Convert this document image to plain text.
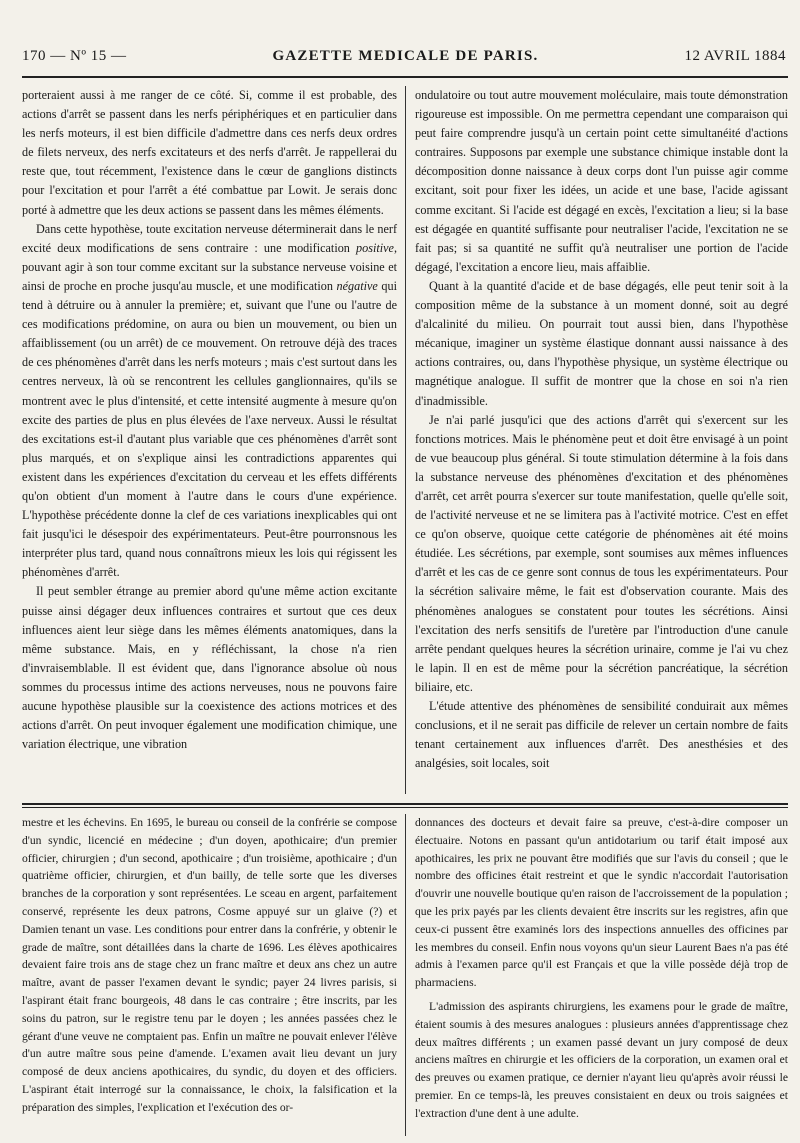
170 — Nº 15 —	GAZETTE MEDICALE DE PARIS.	12 AVRIL 1884

porteraient aussi à me ranger de ce côté. Si, comme il est probable, des actions d'arrêt se passent dans les nerfs périphériques et en particulier dans les nerfs moteurs, il est bien difficile d'admettre dans ces nerfs deux ordres de filets nerveux, des nerfs excitateurs et des nerfs d'arrêt. Je rappellerai du reste que, tout récemment, l'existence dans le cœur de ganglions distincts pour l'excitation et pour l'arrêt a été combattue par Lowit. Je serais donc porté à admettre que les deux actions se passent dans les mêmes éléments.

Dans cette hypothèse, toute excitation nerveuse déterminerait dans le nerf excité deux modifications de sens contraire : une modification positive, pouvant agir à son tour comme excitant sur la substance nerveuse voisine et ainsi de proche en proche jusqu'au muscle, et une modification négative qui tend à détruire ou à annuler la première; et, suivant que l'une ou l'autre de ces modifications prédomine, on aura ou bien un mouvement, ou bien un affaiblissement (ou un arrêt) de ce mouvement. On retrouve déjà des traces de ces phénomènes d'arrêt dans les nerfs moteurs ; mais c'est surtout dans les centres nerveux, là où se rencontrent les cellules ganglionnaires, qu'ils se montrent avec le plus d'intensité, et cette intensité augmente à mesure qu'on excite des parties de plus en plus élevées de l'axe nerveux. Aussi le résultat des excitations est-il d'autant plus variable que ces phénomènes d'arrêt sont plus marqués, et on s'explique ainsi les contradictions apparentes qui existent dans les expériences d'excitation du cerveau et les effets différents qu'on obtient d'un moment à l'autre dans le cours d'une expérience. L'hypothèse précédente donne la clef de ces variations inexplicables qui ont fait jusqu'ici le désespoir des expérimentateurs. Peut-être pourronsnous les interpréter plus tard, quand nous connaîtrons mieux les lois qui régissent les phénomènes d'arrêt.

Il peut sembler étrange au premier abord qu'une même action excitante puisse ainsi dégager deux influences contraires et surtout que ces deux influences aient leur siège dans les mêmes éléments anatomiques, dans la même substance. Mais, en y réfléchissant, la chose n'a rien d'invraisemblable. Il est évident que, dans l'ignorance absolue où nous sommes du processus intime des actions nerveuses, nous ne pouvons faire aucune hypothèse plausible sur la coexistence des actions motrices et des actions d'arrêt. On peut invoquer également une modification chimique, une variation électrique, une vibration

ondulatoire ou tout autre mouvement moléculaire, mais toute démonstration rigoureuse est impossible. On me permettra cependant une comparaison qui peut faire comprendre jusqu'à un certain point cette simultanéité d'actions contraires. Supposons par exemple une substance chimique instable dont la décomposition donne naissance à deux corps dont l'un puisse agir comme excitant, soit pour fixer les idées, un acide et une base, l'acide agissant comme excitant. Si l'acide est dégagé en excès, l'excitation a lieu; si la base est dégagée en quantité suffisante pour neutraliser l'acide, l'excitation ne se fait pas; si sa quantité ne suffit qu'à neutraliser une portion de l'acide dégagé, l'excitation a encore lieu, mais affaiblie.

Quant à la quantité d'acide et de base dégagés, elle peut tenir soit à la composition même de la substance à un moment donné, soit au degré d'alcalinité du milieu. On pourrait tout aussi bien, dans l'hypothèse mécanique, imaginer un système élastique donnant aussi naissance à des actions contraires, ou, dans l'hypothèse physique, un système électrique ou magnétique analogue. Il suffit de montrer que la chose en soi n'a rien d'inadmissible.

Je n'ai parlé jusqu'ici que des actions d'arrêt qui s'exercent sur les fonctions motrices. Mais le phénomène peut et doit être envisagé à un point de vue beaucoup plus général. Si toute stimulation détermine à la fois dans la substance nerveuse des phénomènes d'excitation et des phénomènes d'arrêt, cet arrêt pourra s'exercer sur toute manifestation, quelle qu'elle soit, de l'activité nerveuse et ne se limitera pas à l'activité motrice. C'est en effet ce qu'on observe, quoique cette catégorie de phénomènes ait été moins étudiée. Les sécrétions, par exemple, sont soumises aux mêmes influences d'arrêt et les cas de ce genre sont connus de tous les expérimentateurs. Pour la sécrétion salivaire même, le fait est d'observation courante. Mais des phénomènes analogues se constatent pour toutes les sécrétions. Ainsi l'excitation des nerfs sensitifs de l'uretère par l'introduction d'une canule arrête pendant quelques heures la sécrétion urinaire, comme je l'ai vu chez le lapin. Il en est de même pour la sécrétion pancréatique, la sécrétion biliaire, etc.

L'étude attentive des phénomènes de sensibilité conduirait aux mêmes conclusions, et il ne serait pas difficile de relever un certain nombre de faits tenant certainement aux influences d'arrêt. Des anesthésies et des analgésies, soit locales, soit

mestre et les échevins. En 1695, le bureau ou conseil de la confrérie se compose d'un syndic, licencié en médecine ; d'un doyen, apothicaire; d'un premier officier, chirurgien ; d'un second, apothicaire ; d'un troisième, apothicaire ; d'un quatrième officier, chirurgien, et d'un bailly, de telle sorte que les diverses branches de la corporation y sont représentées. Le sceau en argent, parfaitement conservé, représente les deux patrons, Cosme appuyé sur un glaive (?) et Damien tenant un vase. Les conditions pour entrer dans la confrérie, y obtenir le grade de maître, sont détaillées dans la charte de 1696. Les élèves apothicaires devaient faire trois ans de stage chez un franc maître et deux ans chez un autre maître, avant de passer l'examen devant le syndic; payer 24 livres parisis, si l'aspirant était franc bourgeois, 48 dans le cas contraire ; être inscrits, par les soins du patron, sur le registre tenu par le doyen ; les années passées chez le gérant d'une veuve ne comptaient pas. Enfin un maître ne pouvait enlever l'élève d'un autre maître sous peine d'amende. L'examen avait lieu devant un jury composé de deux anciens apothicaires, du syndic, du doyen et des officiers. L'aspirant était interrogé sur la connaissance, le choix, la falsification et la préparation des simples, l'explication et l'exécution des or-

donnances des docteurs et devait faire sa preuve, c'est-à-dire composer un électuaire. Notons en passant qu'un antidotarium ou tarif était imposé aux apothicaires, les prix ne pouvant être modifiés que sur l'avis du conseil ; que le nombre des officines était restreint et que le syndic n'accordait l'autorisation d'ouvrir une nouvelle boutique qu'en raison de l'accroissement de la population ; que les prix payés par les clients devaient être inscrits sur les registres, afin que ceux-ci pussent être examinés lors des inspections annuelles des officines par les membres du conseil. Enfin nous voyons qu'un sieur Laurent Baes n'a pas été admis à l'examen parce qu'il est Français et que la ville possède déjà trop de pharmaciens.

L'admission des aspirants chirurgiens, les examens pour le grade de maître, étaient soumis à des mesures analogues : plusieurs années d'apprentissage chez deux maîtres différents ; un examen passé devant un jury composé de deux anciens maîtres en chirurgie et les officiers de la corporation, un examen oral et des preuves ou examen pratique, ce dernier n'ayant lieu qu'après avoir réussi le premier. En ce temps-là, les preuves consistaient en deux ou trois saignées et l'extraction d'une dent à une adulte.
